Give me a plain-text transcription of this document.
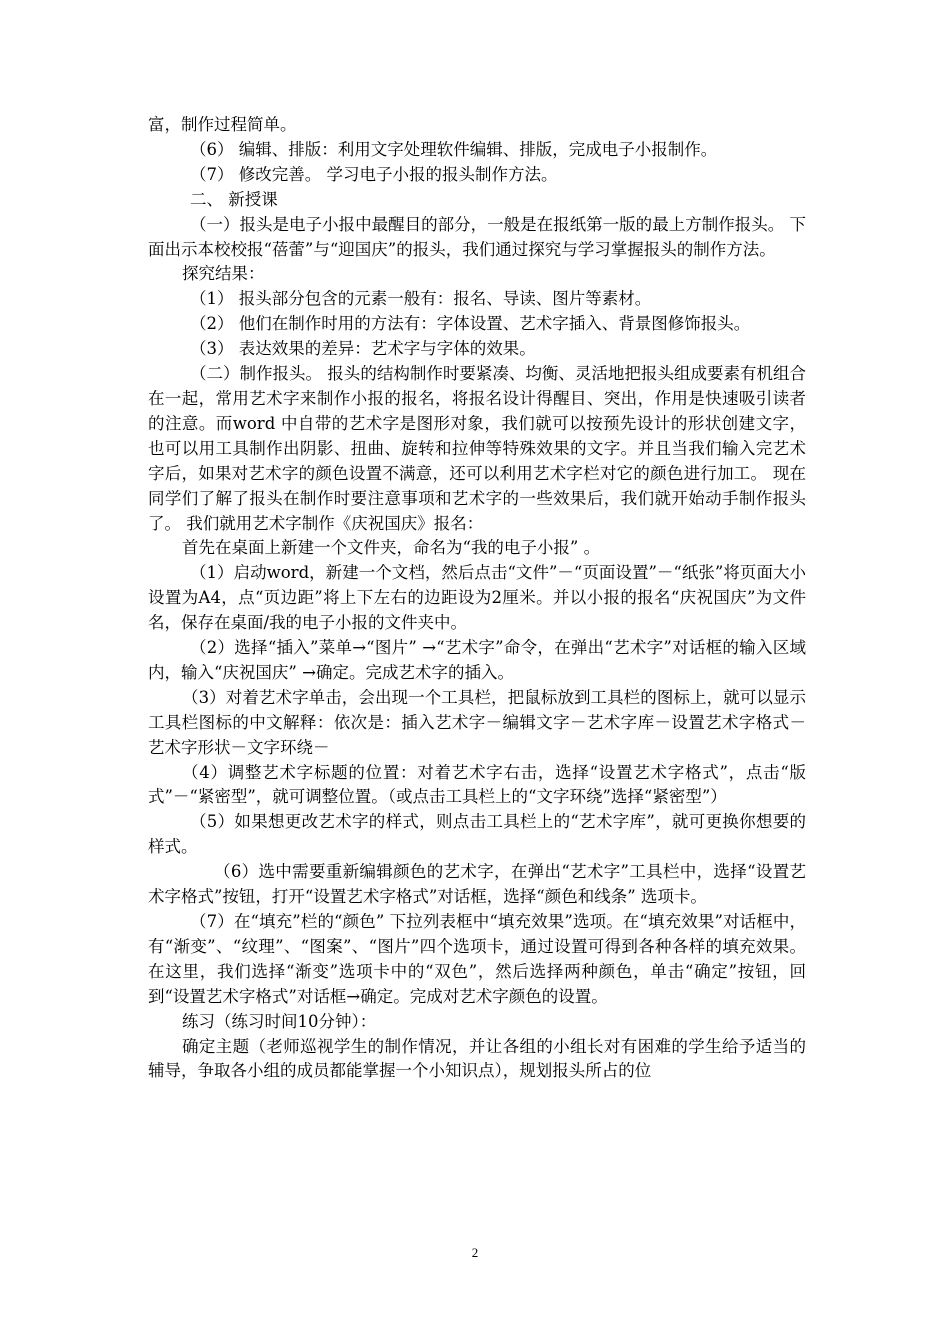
富，制作过程简单。

（6） 编辑、排版：利用文字处理软件编辑、排版，完成电子小报制作。

（7） 修改完善。 学习电子小报的报头制作方法。

二、 新授课

（一）报头是电子小报中最醒目的部分，一般是在报纸第一版的最上方制作报头。 下面出示本校校报“蓓蕾”与“迎国庆”的报头，我们通过探究与学习掌握报头的制作方法。

探究结果：

（1） 报头部分包含的元素一般有：报名、导读、图片等素材。

（2） 他们在制作时用的方法有：字体设置、艺术字插入、背景图修饰报头。

（3） 表达效果的差异：艺术字与字体的效果。

（二）制作报头。 报头的结构制作时要紧凑、均衡、灵活地把报头组成要素有机组合在一起，常用艺术字来制作小报的报名，将报名设计得醒目、突出，作用是快速吸引读者的注意。而word 中自带的艺术字是图形对象，我们就可以按预先设计的形状创建文字，也可以用工具制作出阴影、扭曲、旋转和拉伸等特殊效果的文字。并且当我们输入完艺术字后，如果对艺术字的颜色设置不满意，还可以利用艺术字栏对它的颜色进行加工。 现在同学们了解了报头在制作时要注意事项和艺术字的一些效果后，我们就开始动手制作报头了。 我们就用艺术字制作《庆祝国庆》报名：

首先在桌面上新建一个文件夹，命名为“我的电子小报” 。

（1）启动word，新建一个文档，然后点击“文件”－“页面设置”－“纸张”将页面大小设置为A4，点“页边距”将上下左右的边距设为2厘米。并以小报的报名“庆祝国庆”为文件名，保存在桌面/我的电子小报的文件夹中。

（2）选择“插入”菜单→“图片” →“艺术字”命令，在弹出“艺术字”对话框的输入区域内，输入“庆祝国庆” →确定。完成艺术字的插入。

（3）对着艺术字单击，会出现一个工具栏，把鼠标放到工具栏的图标上，就可以显示工具栏图标的中文解释：依次是：插入艺术字－编辑文字－艺术字库－设置艺术字格式－艺术字形状－文字环绕－

（4）调整艺术字标题的位置：对着艺术字右击，选择“设置艺术字格式”，点击“版式”－“紧密型”，就可调整位置。（或点击工具栏上的“文字环绕”选择“紧密型”）

（5）如果想更改艺术字的样式，则点击工具栏上的“艺术字库”，就可更换你想要的样式。

（6）选中需要重新编辑颜色的艺术字，在弹出“艺术字”工具栏中，选择“设置艺术字格式”按钮，打开“设置艺术字格式”对话框，选择“颜色和线条” 选项卡。

（7）在“填充”栏的“颜色” 下拉列表框中“填充效果”选项。在“填充效果”对话框中，有“渐变”、“纹理”、“图案”、“图片”四个选项卡，通过设置可得到各种各样的填充效果。在这里，我们选择“渐变”选项卡中的“双色”，然后选择两种颜色，单击“确定”按钮，回到“设置艺术字格式”对话框→确定。完成对艺术字颜色的设置。

练习（练习时间10分钟）：

确定主题（老师巡视学生的制作情况，并让各组的小组长对有困难的学生给予适当的辅导，争取各小组的成员都能掌握一个小知识点），规划报头所占的位

2
